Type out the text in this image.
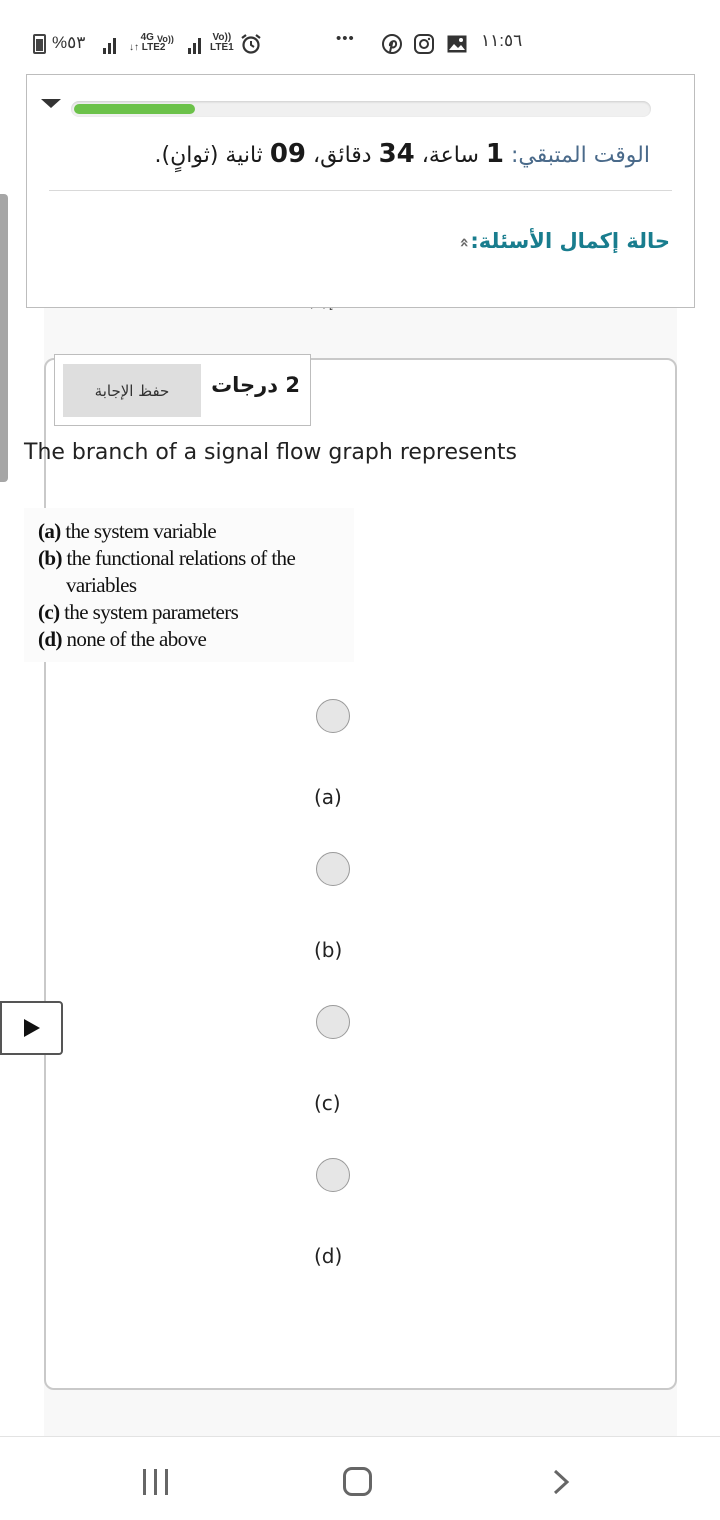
%٥٣	4G
↓↑ LTE2
Vo))	Vo))
LTE1
•••	١١:٥٦
الوقت المتبقي: 1 ساعة، 34 دقائق، 09 ثانية (ثوانٍ).
حالة إكمال الأسئلة:»
حفظ الإجابة	2 درجات
The branch of a signal flow graph represents
(a) the system variable
(b) the functional relations of the
variables
(c) the system parameters
(d) none of the above
(a)
(b)
(c)
(d)
